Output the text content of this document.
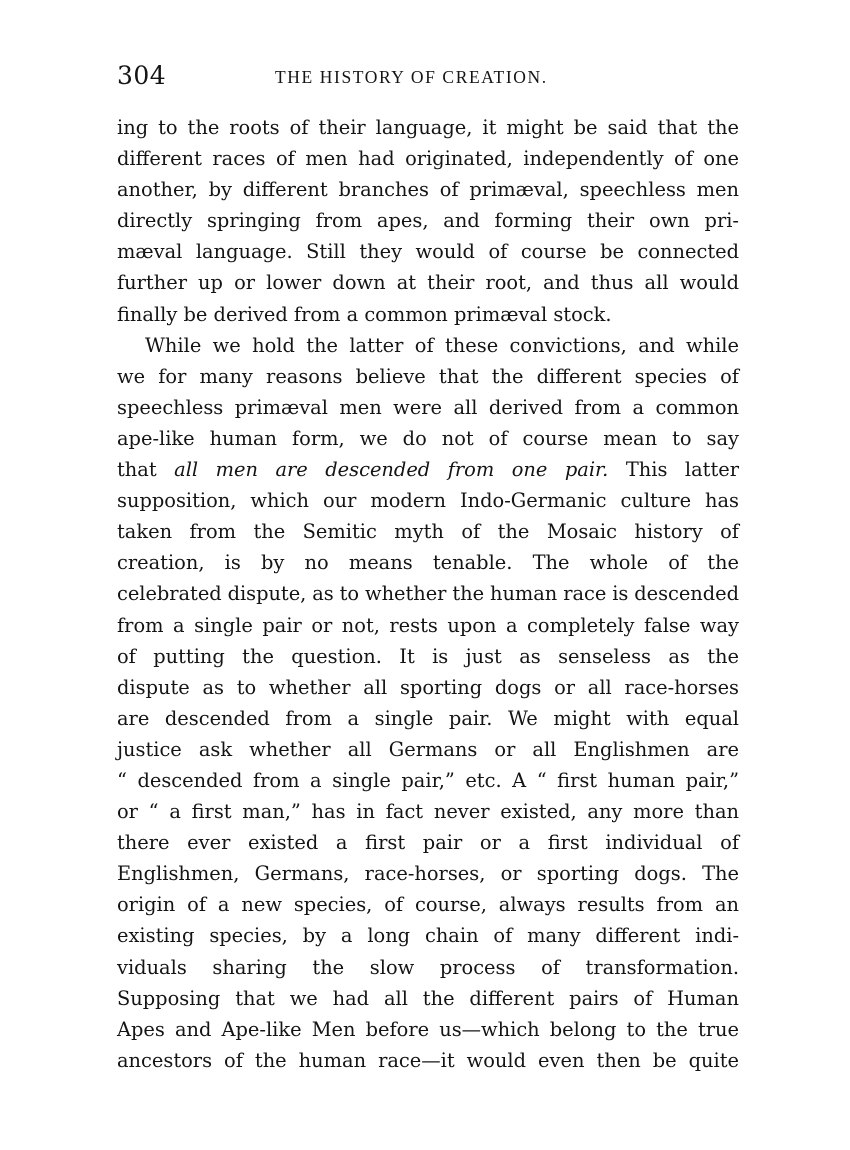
304	THE HISTORY OF CREATION.
ing to the roots of their language, it might be said that the
different races of men had originated, independently of one
another, by different branches of primæval, speechless men
directly springing from apes, and forming their own pri-
mæval language. Still they would of course be connected
further up or lower down at their root, and thus all would
finally be derived from a common primæval stock.
While we hold the latter of these convictions, and while
we for many reasons believe that the different species of
speechless primæval men were all derived from a common
ape-like human form, we do not of course mean to say
that all men are descended from one pair. This latter
supposition, which our modern Indo-Germanic culture has
taken from the Semitic myth of the Mosaic history of
creation, is by no means tenable. The whole of the
celebrated dispute, as to whether the human race is descended
from a single pair or not, rests upon a completely false way
of putting the question. It is just as senseless as the
dispute as to whether all sporting dogs or all race-horses
are descended from a single pair. We might with equal
justice ask whether all Germans or all Englishmen are
“ descended from a single pair,” etc. A “ first human pair,”
or “ a first man,” has in fact never existed, any more than
there ever existed a first pair or a first individual of
Englishmen, Germans, race-horses, or sporting dogs. The
origin of a new species, of course, always results from an
existing species, by a long chain of many different indi-
viduals sharing the slow process of transformation.
Supposing that we had all the different pairs of Human
Apes and Ape-like Men before us—which belong to the true
ancestors of the human race—it would even then be quite
